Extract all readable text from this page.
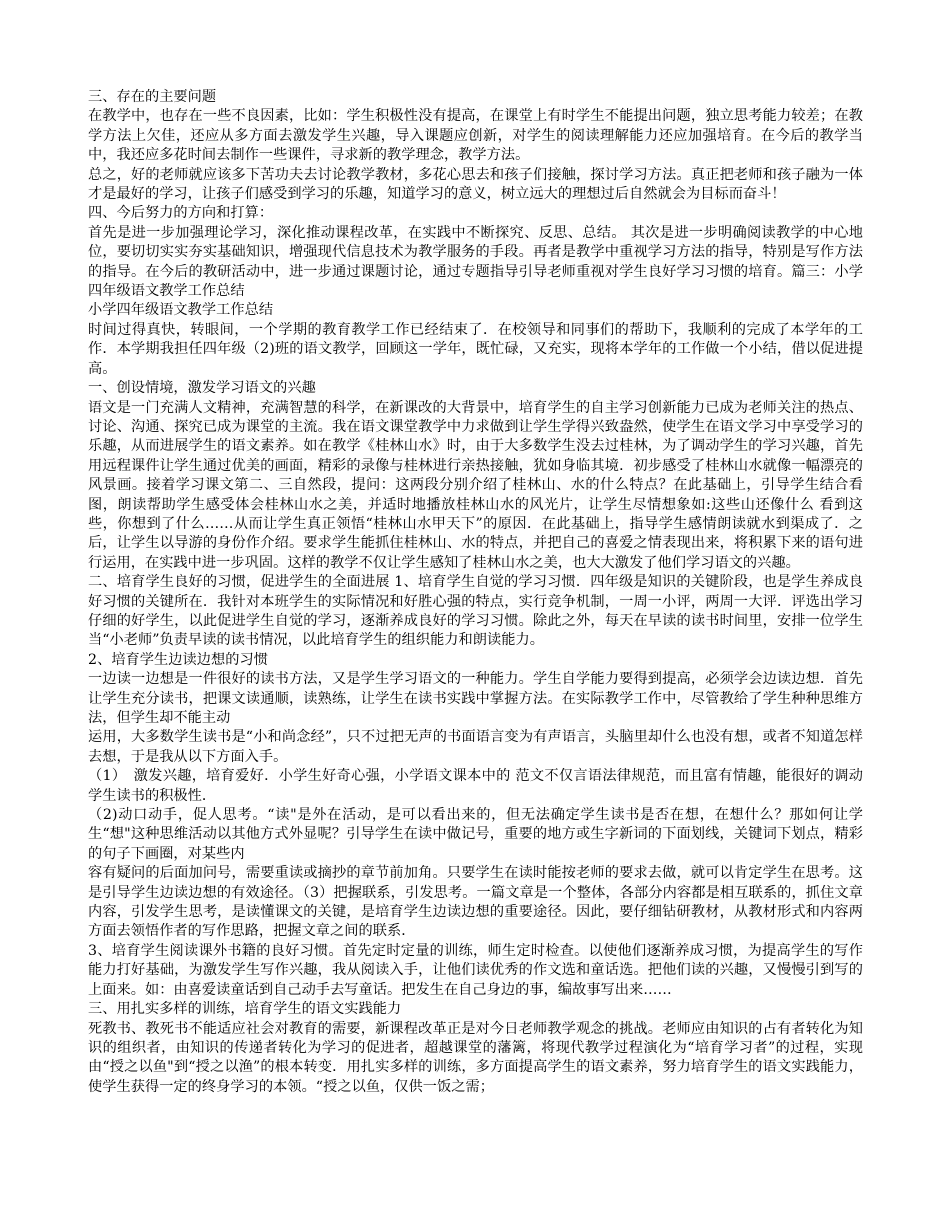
三、存在的主要问题

在教学中，也存在一些不良因素，比如：学生积极性没有提高，在课堂上有时学生不能提出问题，独立思考能力较差；在教学方法上欠佳，还应从多方面去激发学生兴趣，导入课题应创新，对学生的阅读理解能力还应加强培育。在今后的教学当中，我还应多花时间去制作一些课件，寻求新的教学理念，教学方法。

总之，好的老师就应该多下苦功夫去讨论教学教材，多花心思去和孩子们接触，探讨学习方法。真正把老师和孩子融为一体才是最好的学习，让孩子们感受到学习的乐趣，知道学习的意义，树立远大的理想过后自然就会为目标而奋斗！

四、今后努力的方向和打算：

首先是进一步加强理论学习，深化推动课程改革，在实践中不断探究、反思、总结。 其次是进一步明确阅读教学的中心地位，要切切实实夯实基础知识，增强现代信息技术为教学服务的手段。再者是教学中重视学习方法的指导，特别是写作方法的指导。在今后的教研活动中，进一步通过课题讨论，通过专题指导引导老师重视对学生良好学习习惯的培育。篇三：小学四年级语文教学工作总结

小学四年级语文教学工作总结

时间过得真快，转眼间，一个学期的教育教学工作已经结束了．在校领导和同事们的帮助下，我顺利的完成了本学年的工作．本学期我担任四年级（2)班的语文教学，回顾这一学年，既忙碌，又充实，现将本学年的工作做一个小结，借以促进提高。

一、创设情境，激发学习语文的兴趣

语文是一门充满人文精神，充满智慧的科学，在新课改的大背景中，培育学生的自主学习创新能力已成为老师关注的热点、讨论、沟通、探究已成为课堂的主流。我在语文课堂教学中力求做到让学生学得兴致盎然，使学生在语文学习中享受学习的乐趣，从而进展学生的语文素养。如在教学《桂林山水》时，由于大多数学生没去过桂林，为了调动学生的学习兴趣，首先用远程课件让学生通过优美的画面，精彩的录像与桂林进行亲热接触，犹如身临其境．初步感受了桂林山水就像一幅漂亮的风景画。接着学习课文第二、三自然段，提问：这两段分别介绍了桂林山、水的什么特点？在此基础上，引导学生结合看图，朗读帮助学生感受体会桂林山水之美，并适时地播放桂林山水的风光片，让学生尽情想象如:这些山还像什么 看到这些，你想到了什么……从而让学生真正领悟“桂林山水甲天下”的原因．在此基础上，指导学生感情朗读就水到渠成了．之后，让学生以导游的身份作介绍。要求学生能抓住桂林山、水的特点，并把自己的喜爱之情表现出来，将积累下来的语句进行运用，在实践中进一步巩固。这样的教学不仅让学生感知了桂林山水之美，也大大激发了他们学习语文的兴趣。

二、培育学生良好的习惯，促进学生的全面进展 1、培育学生自觉的学习习惯．四年级是知识的关键阶段，也是学生养成良好习惯的关键所在．我针对本班学生的实际情况和好胜心强的特点，实行竞争机制，一周一小评，两周一大评．评选出学习仔细的好学生，以此促进学生自觉的学习，逐渐养成良好的学习习惯。除此之外，每天在早读的读书时间里，安排一位学生当“小老师”负责早读的读书情况，以此培育学生的组织能力和朗读能力。

2、培育学生边读边想的习惯

一边读一边想是一件很好的读书方法，又是学生学习语文的一种能力。学生自学能力要得到提高，必须学会边读边想．首先让学生充分读书，把课文读通顺，读熟练，让学生在读书实践中掌握方法。在实际教学工作中，尽管教给了学生种种思维方法，但学生却不能主动

运用，大多数学生读书是“小和尚念经”，只不过把无声的书面语言变为有声语言，头脑里却什么也没有想，或者不知道怎样去想，于是我从以下方面入手。

（1）　激发兴趣，培育爱好．小学生好奇心强，小学语文课本中的 范文不仅言语法律规范，而且富有情趣，能很好的调动学生读书的积极性．

（2)动口动手，促人思考。“读"是外在活动，是可以看出来的，但无法确定学生读书是否在想，在想什么？那如何让学生“想"这种思维活动以其他方式外显呢？引导学生在读中做记号，重要的地方或生字新词的下面划线，关键词下划点，精彩的句子下画圈，对某些内

容有疑问的后面加问号，需要重读或摘抄的章节前加角。只要学生在读时能按老师的要求去做，就可以肯定学生在思考。这是引导学生边读边想的有效途径。（3）把握联系，引发思考。一篇文章是一个整体，各部分内容都是相互联系的，抓住文章内容，引发学生思考，是读懂课文的关键，是培育学生边读边想的重要途径。因此，要仔细钻研教材，从教材形式和内容两方面去领悟作者的写作思路，把握文章之间的联系．

3、培育学生阅读课外书籍的良好习惯。首先定时定量的训练，师生定时检查。以使他们逐渐养成习惯，为提高学生的写作能力打好基础，为激发学生写作兴趣，我从阅读入手，让他们读优秀的作文选和童话选。把他们读的兴趣，又慢慢引到写的上面来。如：由喜爱读童话到自己动手去写童话。把发生在自己身边的事，编故事写出来……

三、用扎实多样的训练，培育学生的语文实践能力

死教书、教死书不能适应社会对教育的需要，新课程改革正是对今日老师教学观念的挑战。老师应由知识的占有者转化为知识的组织者，由知识的传递者转化为学习的促进者，超越课堂的藩篱，将现代教学过程演化为“培育学习者”的过程，实现由“授之以鱼"到“授之以渔”的根本转变．用扎实多样的训练，多方面提高学生的语文素养，努力培育学生的语文实践能力，使学生获得一定的终身学习的本领。“授之以鱼，仅供一饭之需；
